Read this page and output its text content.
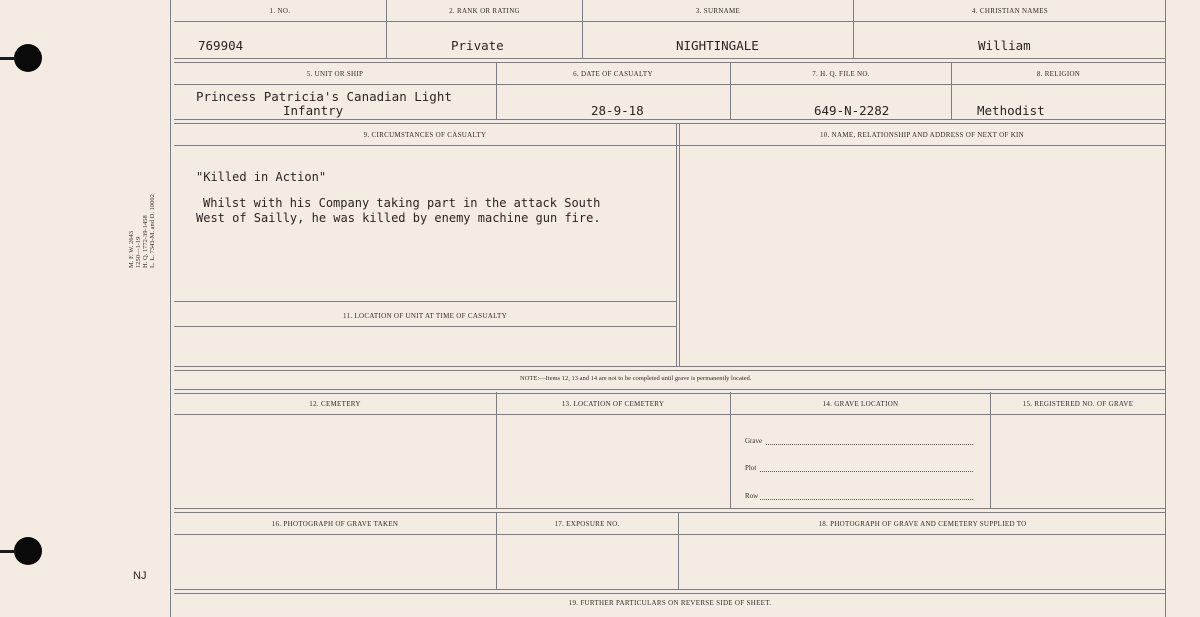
M. F. W. 2643 1250—1-19 H. Q. 1772-39-1458 L. L. 7343-M. and D. 10002
NJ
1. NO.	2. RANK OR RATING	3. SURNAME	4. CHRISTIAN NAMES
769904	Private	NIGHTINGALE	William
5. UNIT OR SHIP	6. DATE OF CASUALTY	7. H. Q. FILE NO.	8. RELIGION
Princess Patricia's Canadian Light
Infantry	28-9-18	649-N-2282	Methodist
9. CIRCUMSTANCES OF CASUALTY	10. NAME, RELATIONSHIP AND ADDRESS OF NEXT OF KIN
"Killed in Action"
Whilst with his Company taking part in the attack South
West of Sailly, he was killed by enemy machine gun fire.
11. LOCATION OF UNIT AT TIME OF CASUALTY
NOTE:—Items 12, 13 and 14 are not to be completed until grave is permanently located.
12. CEMETERY	13. LOCATION OF CEMETERY	14. GRAVE LOCATION	15. REGISTERED NO. OF GRAVE
Grave
Plot
Row
16. PHOTOGRAPH OF GRAVE TAKEN	17. EXPOSURE NO.	18. PHOTOGRAPH OF GRAVE AND CEMETERY SUPPLIED TO
19. FURTHER PARTICULARS ON REVERSE SIDE OF SHEET.
